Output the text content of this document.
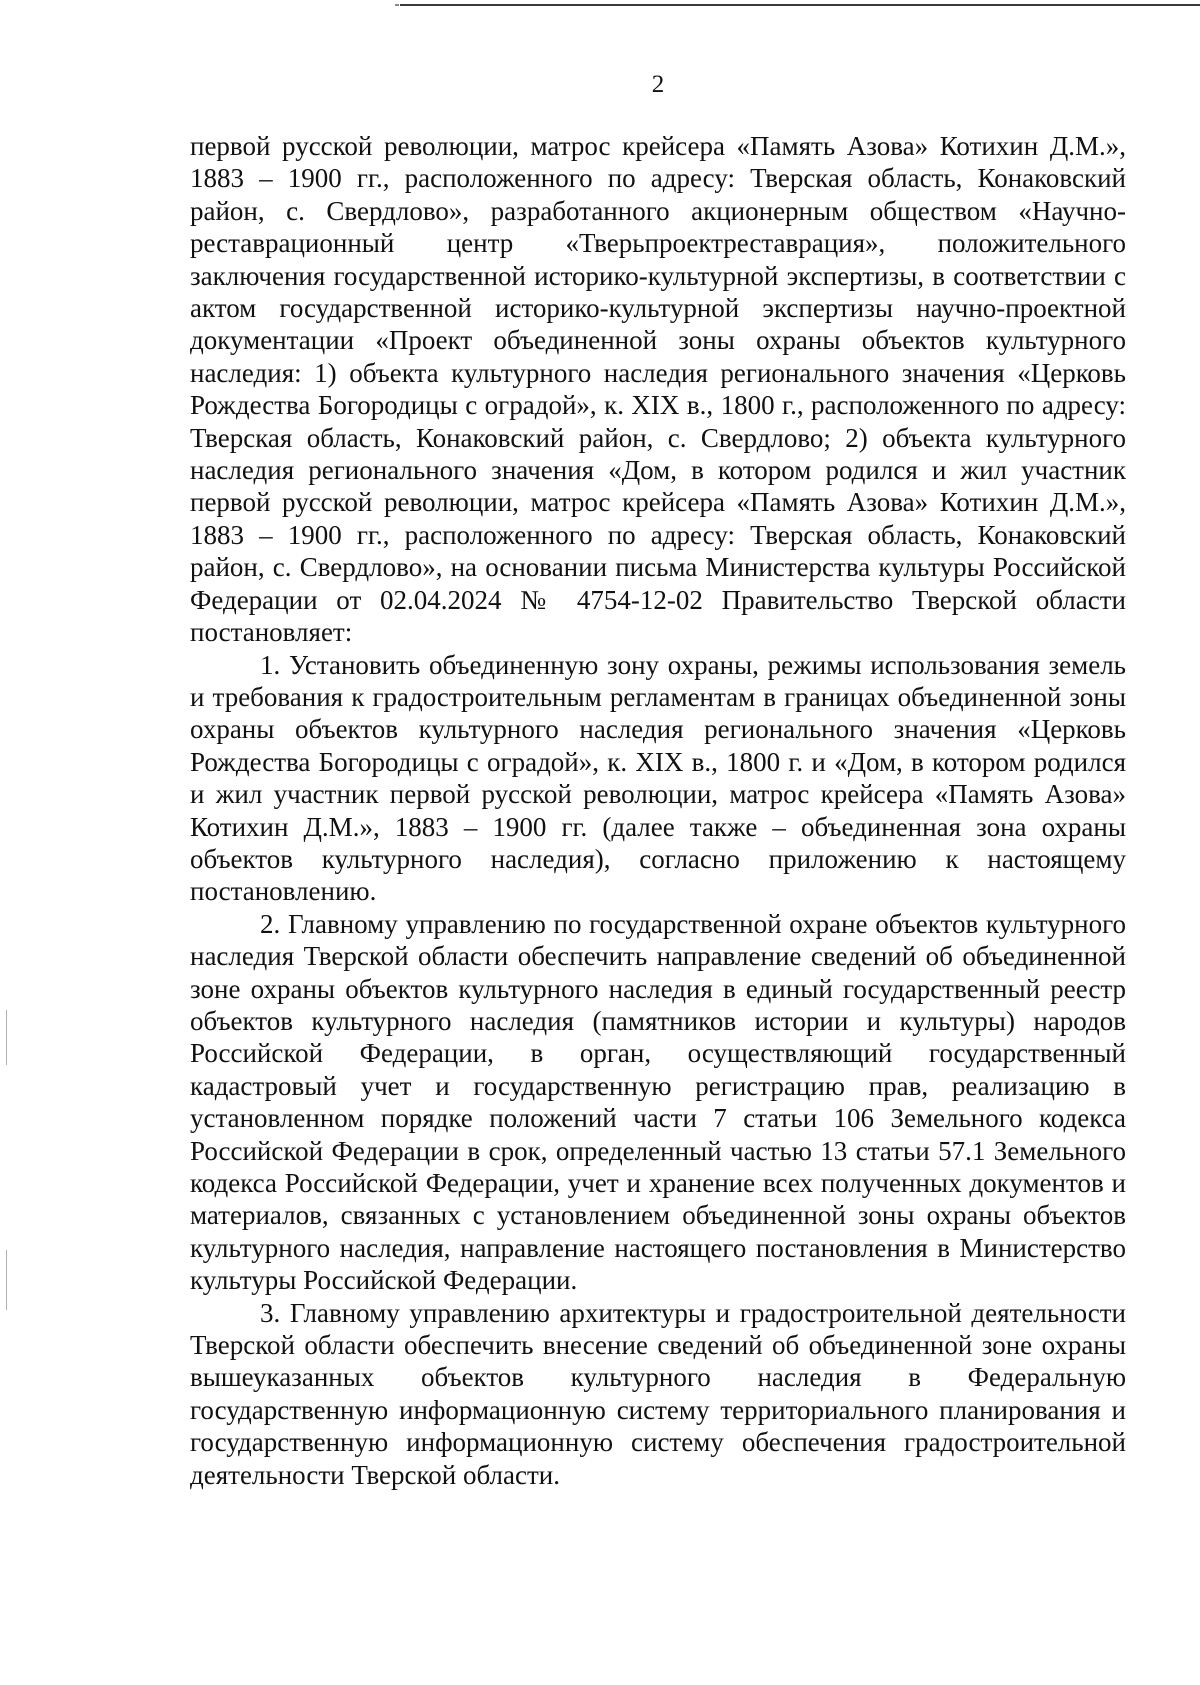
2

первой русской революции, матрос крейсера «Память Азова» Котихин Д.М.», 1883 – 1900 гг., расположенного по адресу: Тверская область, Конаковский район, с. Свердлово», разработанного акционерным обществом «Научно-реставрационный центр «Тверьпроектреставрация», положительного заключения государственной историко-культурной экспертизы, в соответствии с актом государственной историко-культурной экспертизы научно-проектной документации «Проект объединенной зоны охраны объектов культурного наследия: 1) объекта культурного наследия регионального значения «Церковь Рождества Богородицы с оградой», к. XIX в., 1800 г., расположенного по адресу: Тверская область, Конаковский район, с. Свердлово; 2) объекта культурного наследия регионального значения «Дом, в котором родился и жил участник первой русской революции, матрос крейсера «Память Азова» Котихин Д.М.», 1883 – 1900 гг., расположенного по адресу: Тверская область, Конаковский район, с. Свердлово», на основании письма Министерства культуры Российской Федерации от 02.04.2024 № 4754-12-02 Правительство Тверской области постановляет:

1. Установить объединенную зону охраны, режимы использования земель и требования к градостроительным регламентам в границах объединенной зоны охраны объектов культурного наследия регионального значения «Церковь Рождества Богородицы с оградой», к. XIX в., 1800 г. и «Дом, в котором родился и жил участник первой русской революции, матрос крейсера «Память Азова» Котихин Д.М.», 1883 – 1900 гг. (далее также – объединенная зона охраны объектов культурного наследия), согласно приложению к настоящему постановлению.

2. Главному управлению по государственной охране объектов культурного наследия Тверской области обеспечить направление сведений об объединенной зоне охраны объектов культурного наследия в единый государственный реестр объектов культурного наследия (памятников истории и культуры) народов Российской Федерации, в орган, осуществляющий государственный кадастровый учет и государственную регистрацию прав, реализацию в установленном порядке положений части 7 статьи 106 Земельного кодекса Российской Федерации в срок, определенный частью 13 статьи 57.1 Земельного кодекса Российской Федерации, учет и хранение всех полученных документов и материалов, связанных с установлением объединенной зоны охраны объектов культурного наследия, направление настоящего постановления в Министерство культуры Российской Федерации.

3. Главному управлению архитектуры и градостроительной деятельности Тверской области обеспечить внесение сведений об объединенной зоне охраны вышеуказанных объектов культурного наследия в Федеральную государственную информационную систему территориального планирования и государственную информационную систему обеспечения градостроительной деятельности Тверской области.
